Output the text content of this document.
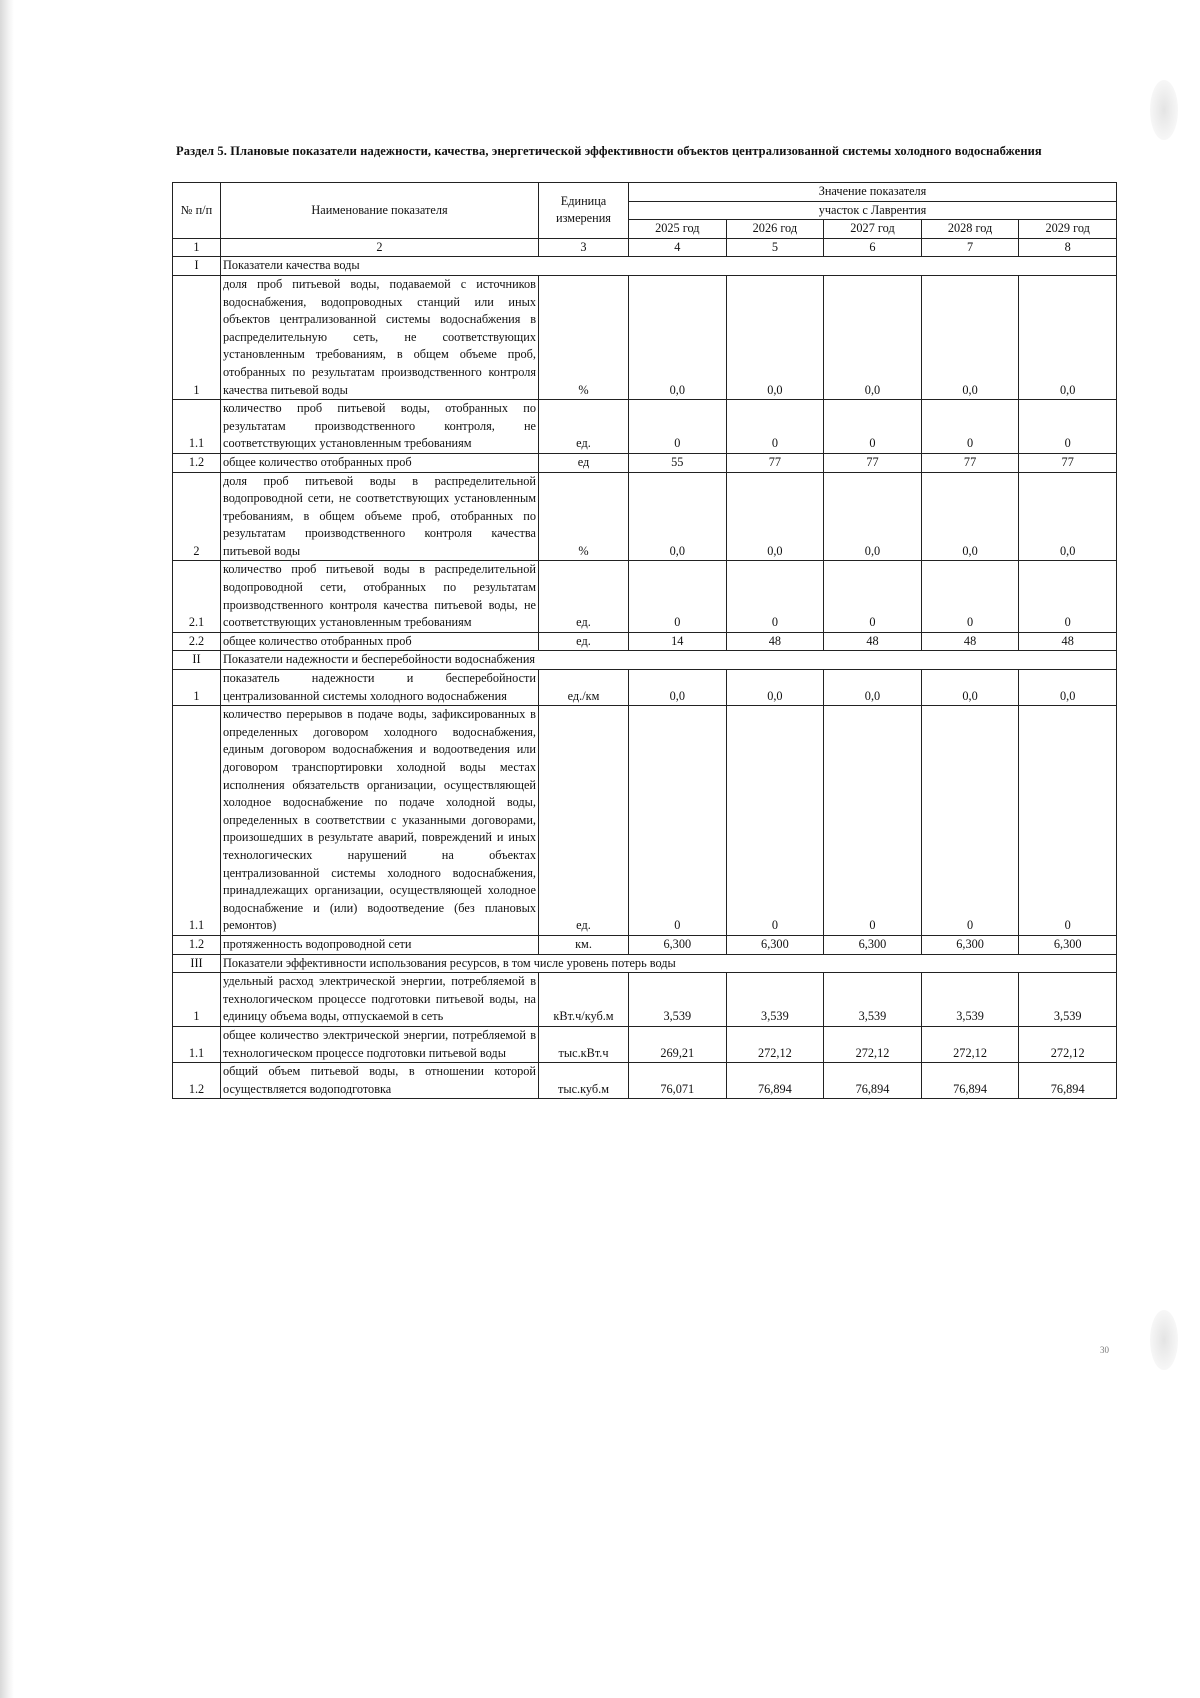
Раздел 5. Плановые показатели надежности, качества, энергетической эффективности объектов централизованной системы холодного водоснабжения
№ п/п	Наименование показателя	Единица измерения	Значение показателя				
			участок с Лаврентия				
			2025 год	2026 год	2027 год	2028 год	2029 год
1	2	3	4	5	6	7	8
I	Показатели качества воды						
1	доля проб питьевой воды, подаваемой с источников водоснабжения, водопроводных станций или иных объектов централизованной системы водоснабжения в распределительную сеть, не соответствующих установленным требованиям, в общем объеме проб, отобранных по результатам производственного контроля качества питьевой воды	%	0,0	0,0	0,0	0,0	0,0
1.1	количество проб питьевой воды, отобранных по результатам производственного контроля, не соответствующих установленным требованиям	ед.	0	0	0	0	0
1.2	общее количество отобранных проб	ед	55	77	77	77	77
2	доля проб питьевой воды в распределительной водопроводной сети, не соответствующих установленным требованиям, в общем объеме проб, отобранных по результатам производственного контроля качества питьевой воды	%	0,0	0,0	0,0	0,0	0,0
2.1	количество проб питьевой воды в распределительной водопроводной сети, отобранных по результатам производственного контроля качества питьевой воды, не соответствующих установленным требованиям	ед.	0	0	0	0	0
2.2	общее количество отобранных проб	ед.	14	48	48	48	48
II	Показатели надежности и бесперебойности водоснабжения						
1	показатель надежности и бесперебойности централизованной системы холодного водоснабжения	ед./км	0,0	0,0	0,0	0,0	0,0
1.1	количество перерывов в подаче воды, зафиксированных в определенных договором холодного водоснабжения, единым договором водоснабжения и водоотведения или договором транспортировки холодной воды местах исполнения обязательств организации, осуществляющей холодное водоснабжение по подаче холодной воды, определенных в соответствии с указанными договорами, произошедших в результате аварий, повреждений и иных технологических нарушений на объектах централизованной системы холодного водоснабжения, принадлежащих организации, осуществляющей холодное водоснабжение и (или) водоотведение (без плановых ремонтов)	ед.	0	0	0	0	0
1.2	протяженность водопроводной сети	км.	6,300	6,300	6,300	6,300	6,300
III	Показатели эффективности использования ресурсов, в том числе уровень потерь воды						
1	удельный расход электрической энергии, потребляемой в технологическом процессе подготовки питьевой воды, на единицу объема воды, отпускаемой в сеть	кВт.ч/куб.м	3,539	3,539	3,539	3,539	3,539
1.1	общее количество электрической энергии, потребляемой в технологическом процессе подготовки питьевой воды	тыс.кВт.ч	269,21	272,12	272,12	272,12	272,12
1.2	общий объем питьевой воды, в отношении которой осуществляется водоподготовка	тыс.куб.м	76,071	76,894	76,894	76,894	76,894
30
